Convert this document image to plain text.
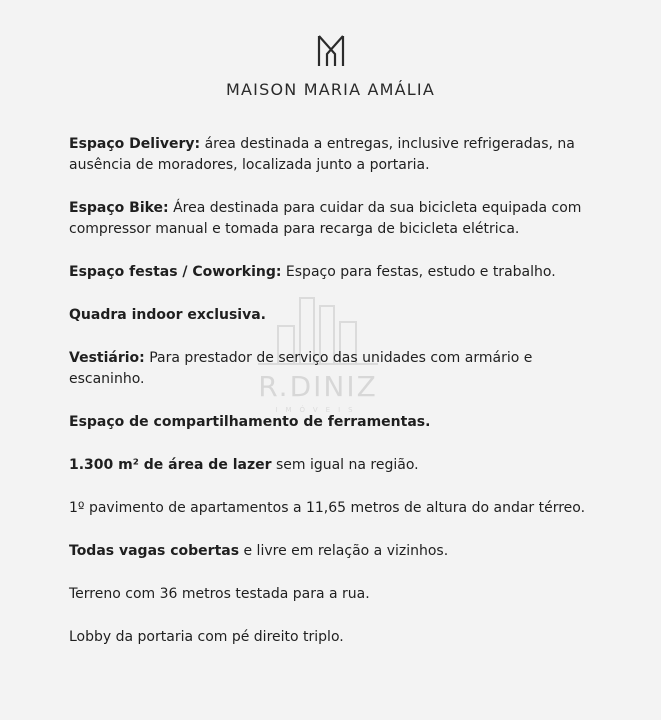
MAISON MARIA AMÁLIA
R.DINIZ
IMÓVEIS

Espaço Delivery: área destinada a entregas, inclusive refrigeradas, na ausência de moradores, localizada junto a portaria.

Espaço Bike: Área destinada para cuidar da sua bicicleta equipada com compressor manual e tomada para recarga de bicicleta elétrica.

Espaço festas / Coworking: Espaço para festas, estudo e trabalho.

Quadra indoor exclusiva.

Vestiário: Para prestador de serviço das unidades com armário e escaninho.

Espaço de compartilhamento de ferramentas.

1.300 m² de área de lazer sem igual na região.

1º pavimento de apartamentos a 11,65 metros de altura do andar térreo.

Todas vagas cobertas e livre em relação a vizinhos.

Terreno com 36 metros testada para a rua.

Lobby da portaria com pé direito triplo.
